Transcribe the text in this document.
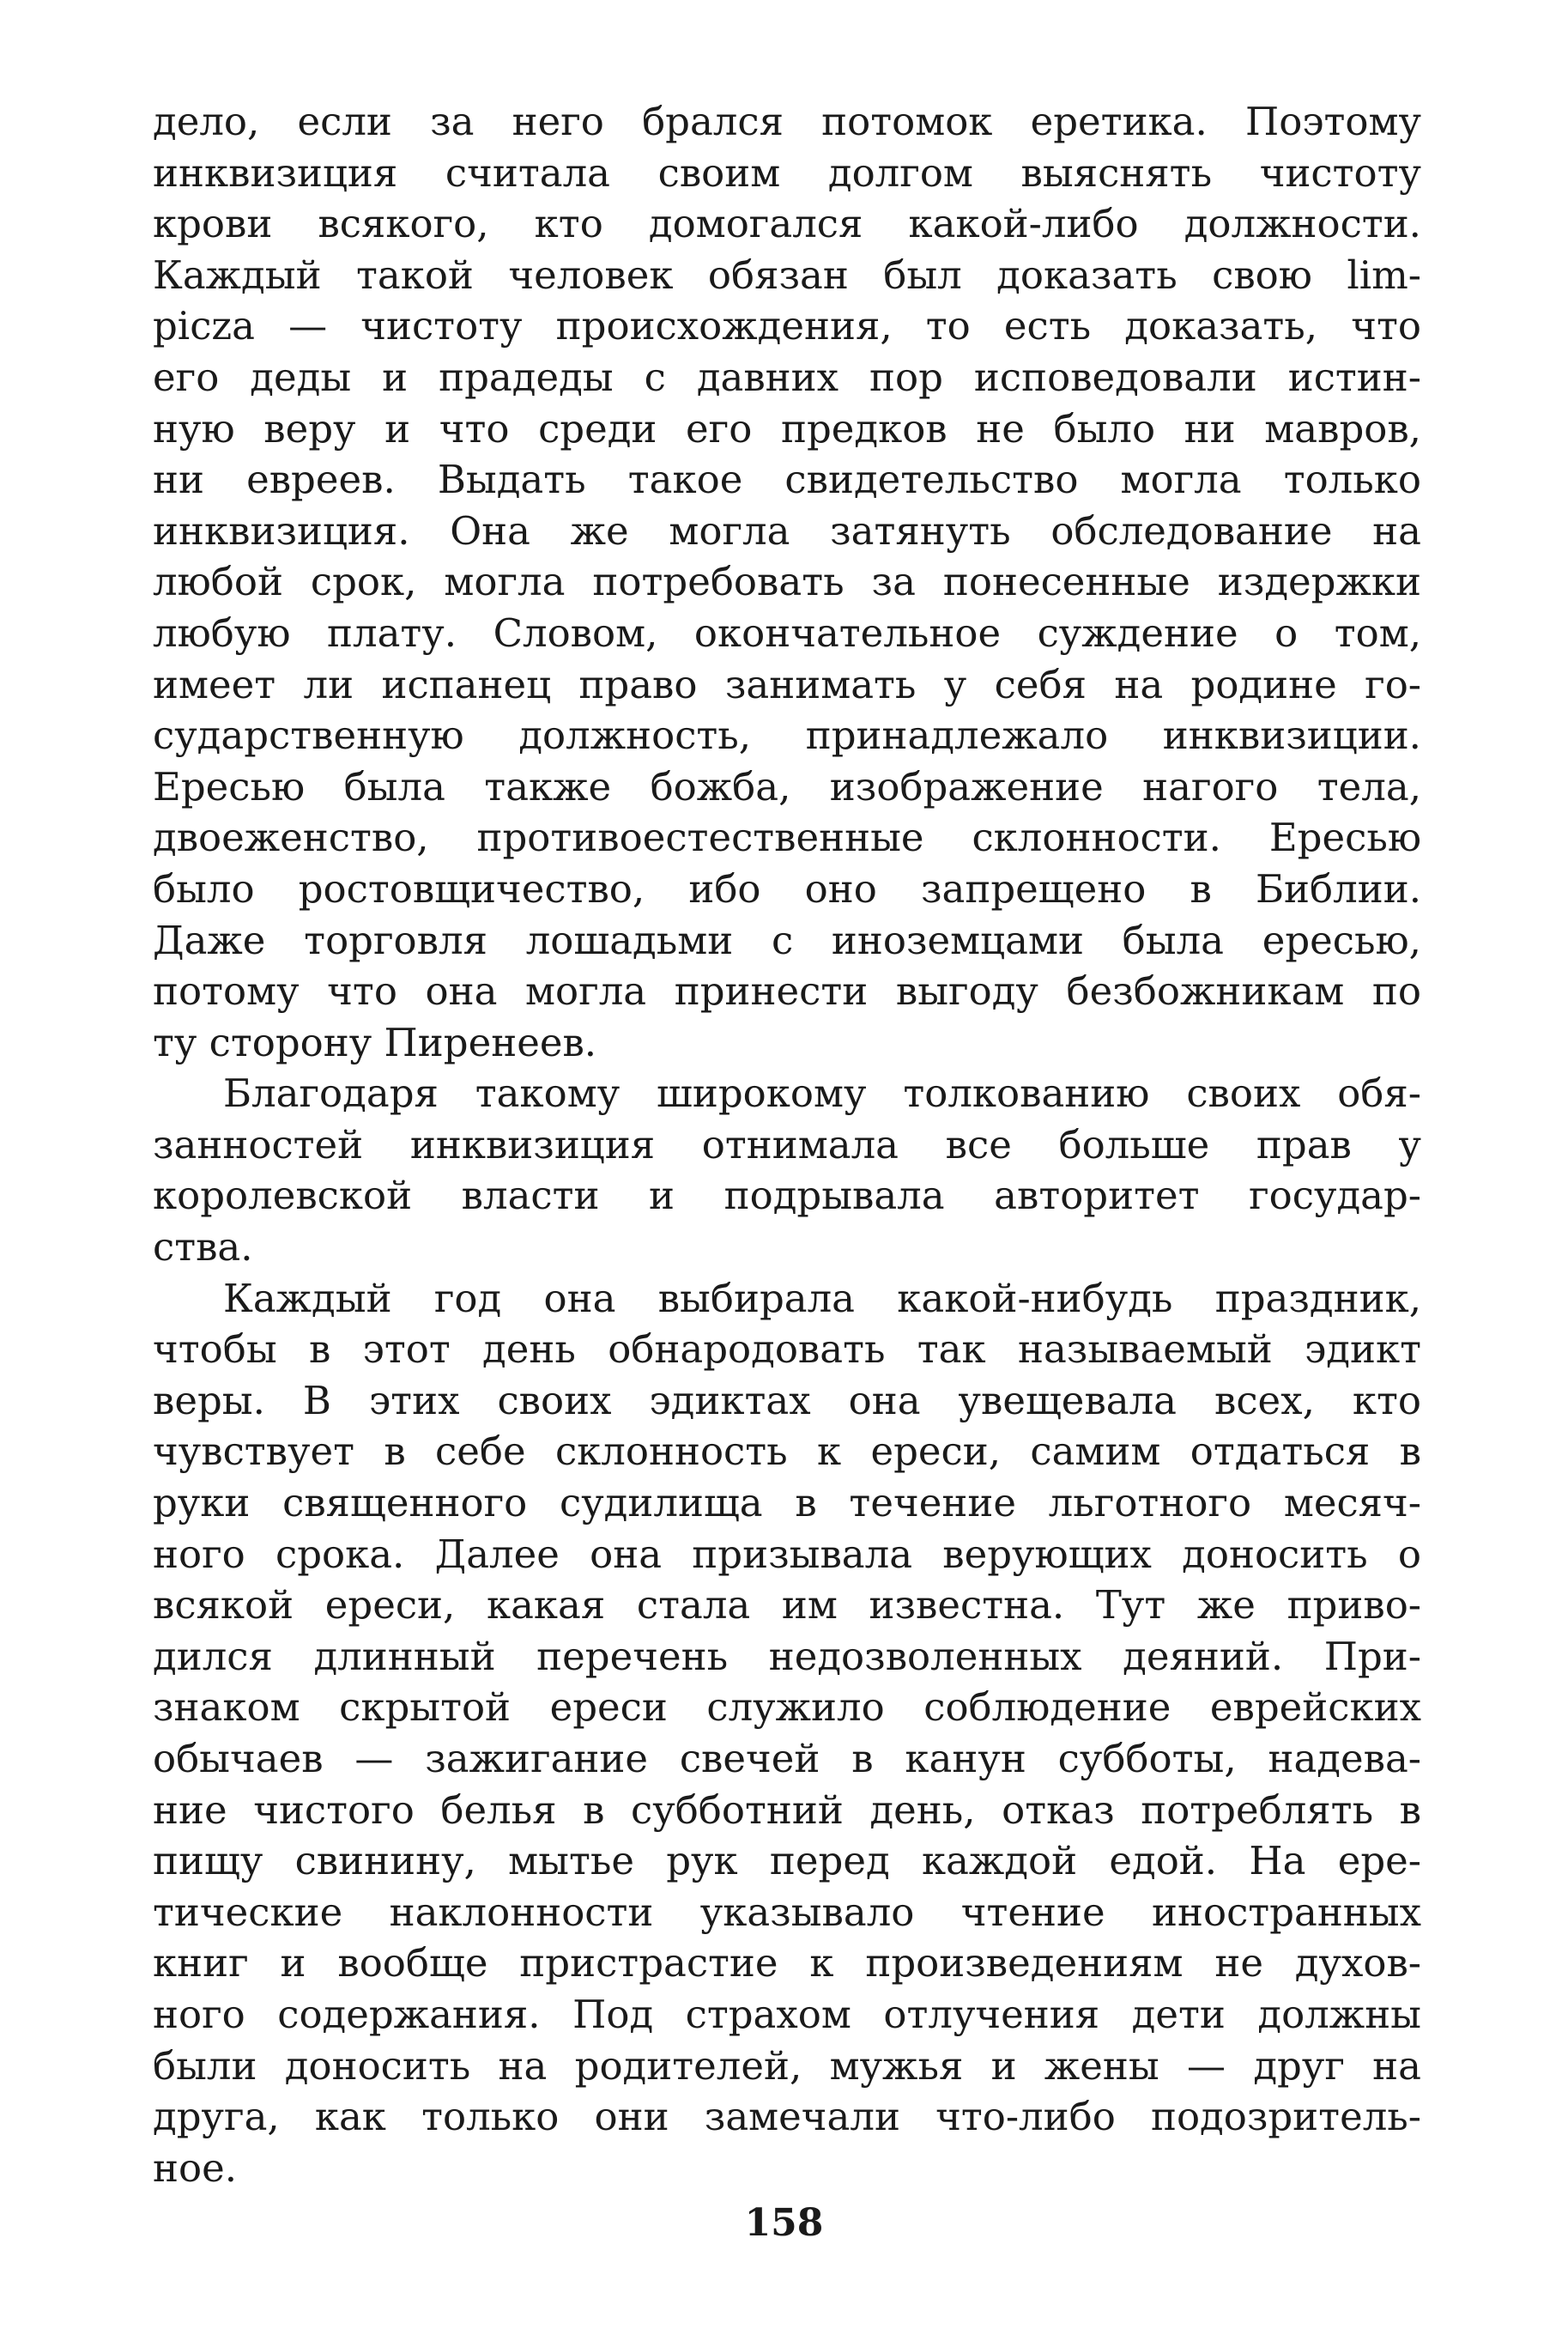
дело, если за него брался потомок еретика. Поэтому
инквизиция считала своим долгом выяснять чистоту
крови всякого, кто домогался какой-либо должности.
Каждый такой человек обязан был доказать свою lim-
picza — чистоту происхождения, то есть доказать, что
его деды и прадеды с давних пор исповедовали истин-
ную веру и что среди его предков не было ни мавров,
ни евреев. Выдать такое свидетельство могла только
инквизиция. Она же могла затянуть обследование на
любой срок, могла потребовать за понесенные издержки
любую плату. Словом, окончательное суждение о том,
имеет ли испанец право занимать у себя на родине го-
сударственную должность, принадлежало инквизиции.
Ересью была также божба, изображение нагого тела,
двоеженство, противоестественные склонности. Ересью
было ростовщичество, ибо оно запрещено в Библии.
Даже торговля лошадьми с иноземцами была ересью,
потому что она могла принести выгоду безбожникам по
ту сторону Пиренеев.
Благодаря такому широкому толкованию своих обя-
занностей инквизиция отнимала все больше прав у
королевской власти и подрывала авторитет государ-
ства.
Каждый год она выбирала какой-нибудь праздник,
чтобы в этот день обнародовать так называемый эдикт
веры. В этих своих эдиктах она увещевала всех, кто
чувствует в себе склонность к ереси, самим отдаться в
руки священного судилища в течение льготного месяч-
ного срока. Далее она призывала верующих доносить о
всякой ереси, какая стала им известна. Тут же приво-
дился длинный перечень недозволенных деяний. При-
знаком скрытой ереси служило соблюдение еврейских
обычаев — зажигание свечей в канун субботы, надева-
ние чистого белья в субботний день, отказ потреблять в
пищу свинину, мытье рук перед каждой едой. На ере-
тические наклонности указывало чтение иностранных
книг и вообще пристрастие к произведениям не духов-
ного содержания. Под страхом отлучения дети должны
были доносить на родителей, мужья и жены — друг на
друга, как только они замечали что-либо подозритель-
ное.
158
